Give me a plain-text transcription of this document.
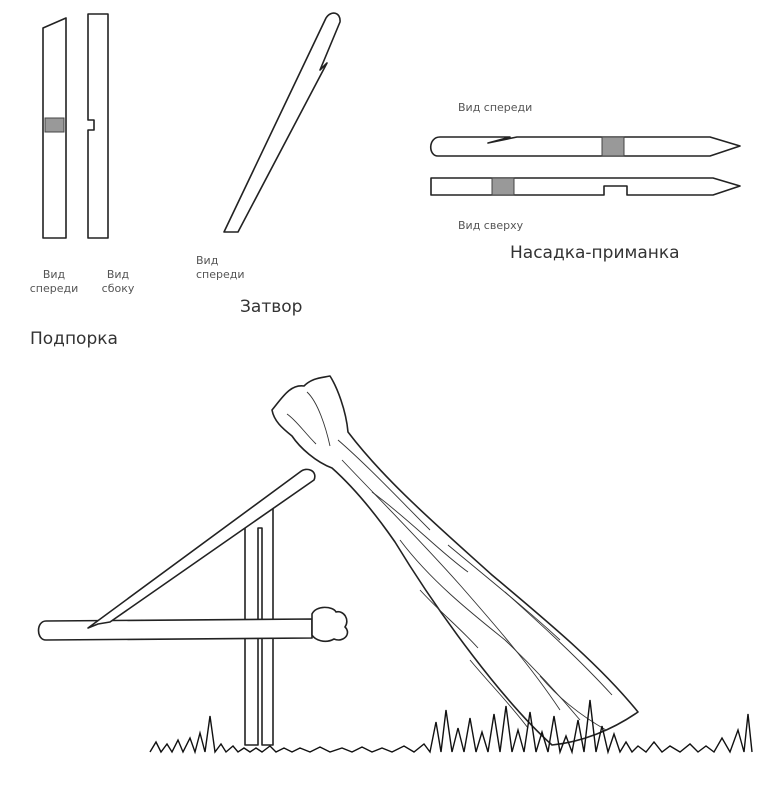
Вид
спереди
Вид
сбоку
Подпорка
Вид
спереди
Затвор
Вид спереди
Вид сверху
Насадка-приманка
